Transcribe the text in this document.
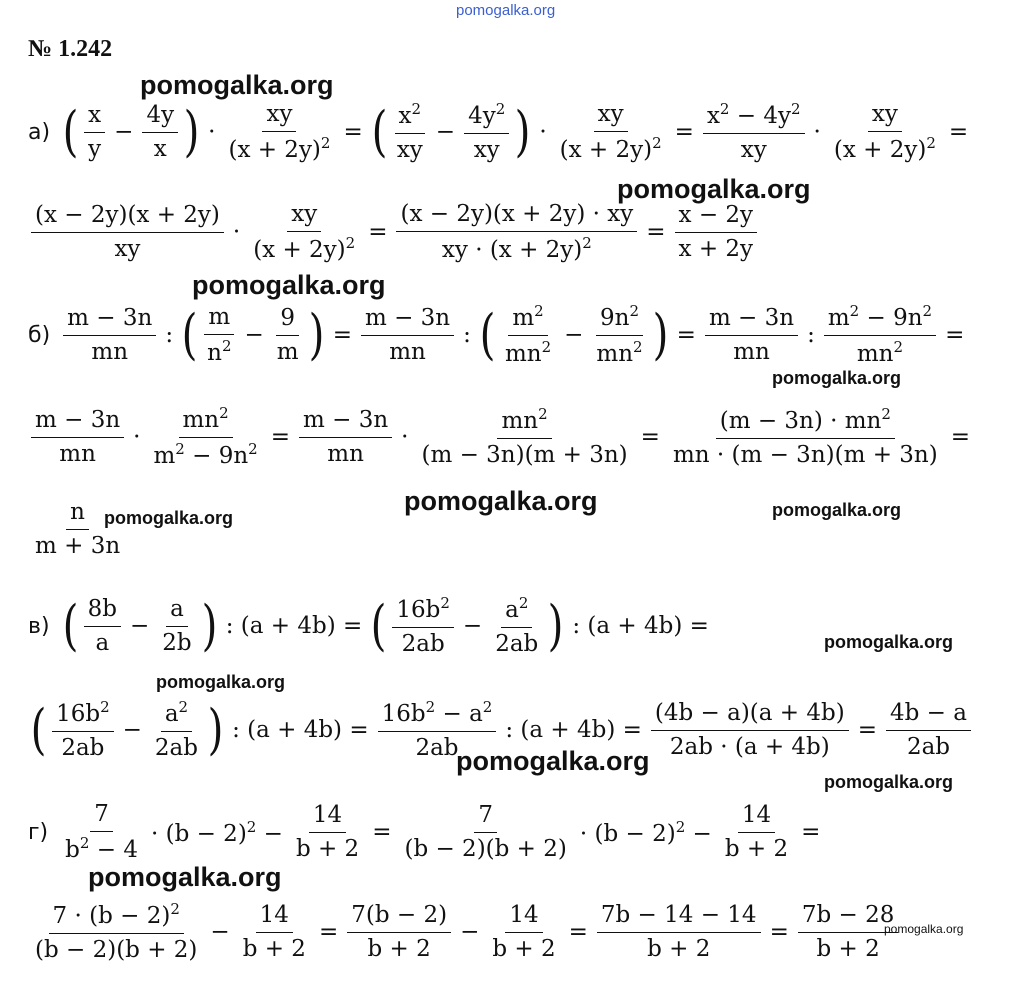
pomogalka.org
pomogalka.org
pomogalka.org
pomogalka.org
pomogalka.org
pomogalka.org
pomogalka.org	pomogalka.org
pomogalka.org
pomogalka.org
pomogalka.org
pomogalka.org
pomogalka.org
pomogalka.org
№ 1.242
а) ( $\frac{x}{y} - \frac{4y}{x}$ ) · $\frac{xy}{(x + 2y)^2}$ = ( $\frac{x^2}{xy} - \frac{4y^2}{xy}$ ) · $\frac{xy}{(x + 2y)^2} = \frac{x^2 - 4y^2}{xy} \cdot \frac{xy}{(x + 2y)^2}$ =
$\frac{(x - 2y)(x + 2y)}{xy} \cdot \frac{xy}{(x + 2y)^2} = \frac{(x - 2y)(x + 2y) \cdot xy}{xy \cdot (x + 2y)^2} = \frac{x - 2y}{x + 2y}$
$б) \frac{m - 3n}{mn}$ : ( $\frac{m}{n^2} - \frac{9}{m}$ ) = $\frac{m - 3n}{mn}$ : ( $\frac{m^2}{mn^2} - \frac{9n^2}{mn^2}$ ) = $\frac{m - 3n}{mn}$ : $\frac{m^2 - 9n^2}{mn^2}$ =
$\frac{m - 3n}{mn} \cdot \frac{mn^2}{m^2 - 9n^2} = \frac{m - 3n}{mn} \cdot \frac{mn^2}{(m - 3n)(m + 3n)} = \frac{(m - 3n) \cdot mn^2}{mn \cdot (m - 3n)(m + 3n)}$ =
$\frac{n}{m + 3n}$
в) ( $\frac{8b}{a} - \frac{a}{2b}$ ) : (a + 4b) = ( $\frac{16b^2}{2ab} - \frac{a^2}{2ab}$ ) : (a + 4b) =
( $\frac{16b^2}{2ab} - \frac{a^2}{2ab}$ ) : $(a + 4b) = \frac{16b^2 - a^2}{2ab}$ : $(a + 4b) = \frac{(4b - a)(a + 4b)}{2ab \cdot (a + 4b)} = \frac{4b - a}{2ab}$
$г) \frac{7}{b^2 - 4} \cdot (b - 2)^2 - \frac{14}{b + 2} = \frac{7}{(b - 2)(b + 2)} \cdot (b - 2)^2 - \frac{14}{b + 2}$ =
$\frac{7 \cdot (b - 2)^2}{(b - 2)(b + 2)} - \frac{14}{b + 2} = \frac{7(b - 2)}{b + 2} - \frac{14}{b + 2} = \frac{7b - 14 - 14}{b + 2} = \frac{7b - 28}{b + 2}$
